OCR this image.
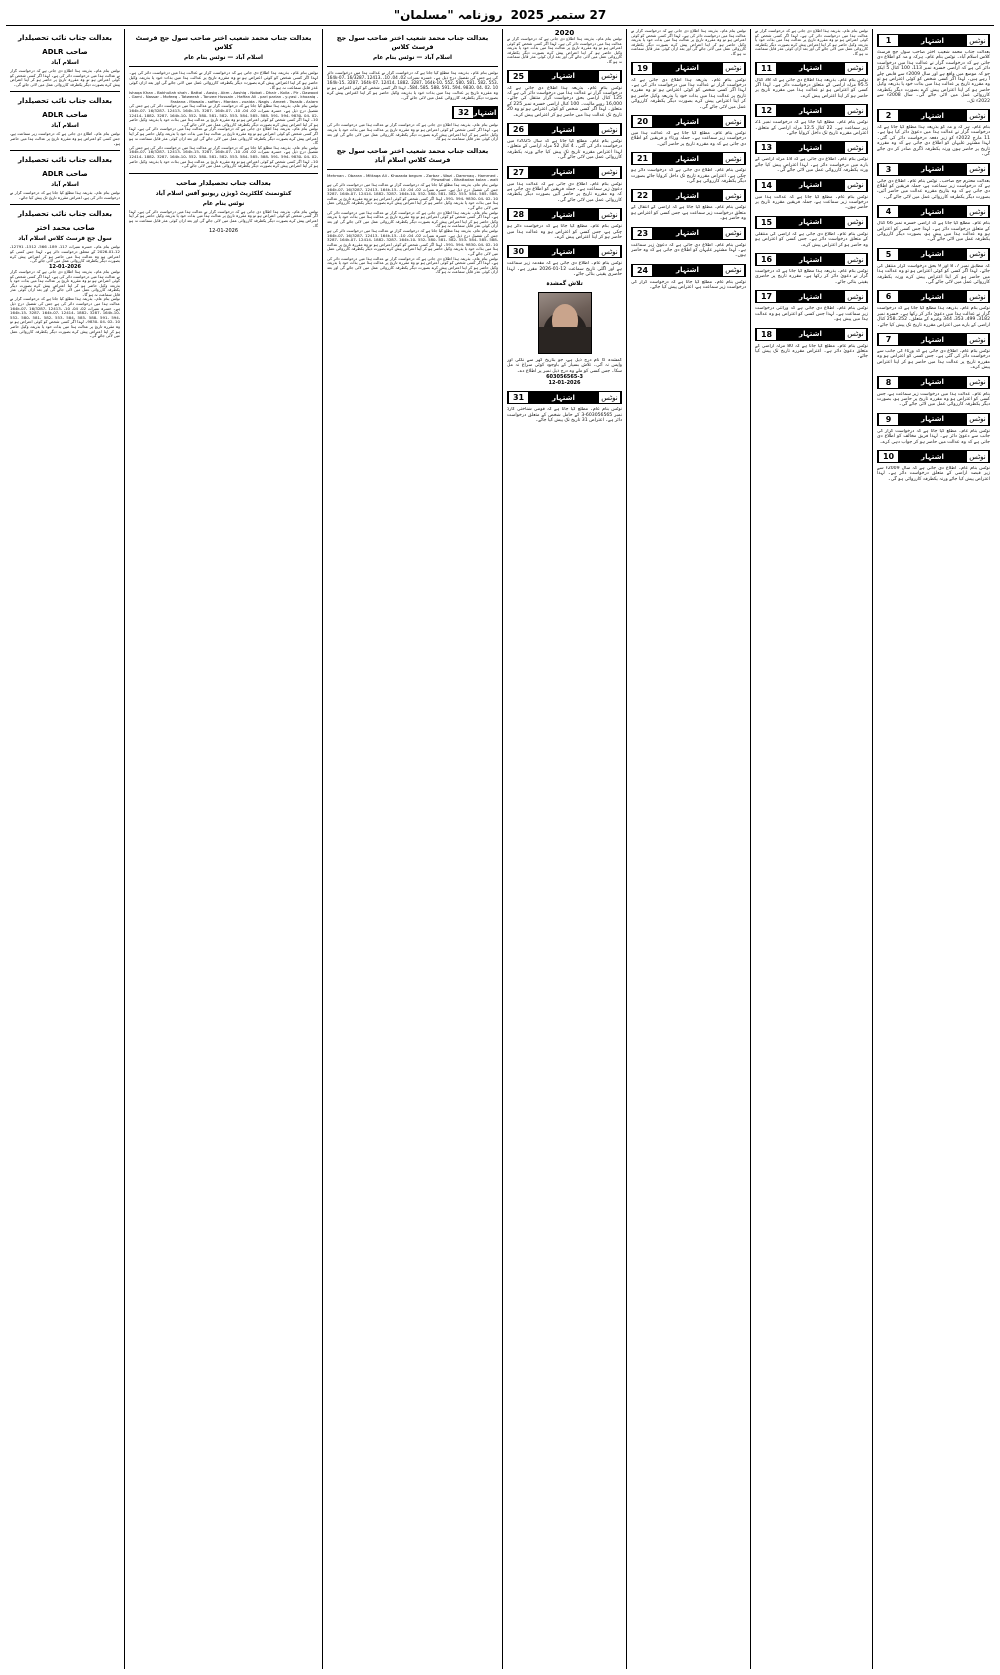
27 ستمبر 2025
روزنامہ "مسلمان"
نوٹس
اشتہار
1
بعدالت جناب محمد شعیب اختر صاحب سول جج فرسٹ کلاس اسلام آباد۔ نوٹس بنام عام۔ ہرکہ و مہ کو اطلاع دی جاتی ہے کہ درخواست گزار نے عدالت ہذا میں درخواست دائر کی ہے کہ اراضی خسرہ نمبر 113، 100 کنال 5 ایکڑ جو کہ موضع میں واقع ہے اور سال 2009ء سے قابض چلے آ رہے ہیں۔ لہذا اگر کسی شخص کو کوئی اعتراض ہو تو وہ مقررہ تاریخ پر عدالت ہذا میں بذات خود یا بذریعہ وکیل حاضر ہو کر اپنا اعتراض پیش کرے بصورت دیگر یکطرفہ کارروائی عمل میں لائی جائے گی۔ سال 2008ء سے 2022ء تک۔
نوٹس
اشتہار
2
بنام عام۔ ہر کہ و مہ کو بذریعہ ہذا مطلع کیا جاتا ہے کہ درخواست گزار نے عدالت ہذا میں دعویٰ دائر کیا ہوا ہے۔ 11 مارچ 2022ء کو زیر دفعہ درخواست دائر کی گئی۔ لہذا مشتہر علیہان کو اطلاع دی جاتی ہے کہ وہ مقررہ تاریخ پر حاضر ہوں ورنہ یکطرفہ ڈگری صادر کر دی جائے گی۔
نوٹس
اشتہار
3
بعدالت محترم جج صاحب۔ نوٹس بنام عام۔ اطلاع دی جاتی ہے کہ درخواست زیر سماعت ہے، جملہ فریقین کو اطلاع دی جاتی ہے کہ وہ بتاریخ مقررہ عدالت میں حاضر آئیں، بصورت دیگر یکطرفہ کارروائی عمل میں لائی جائے گی۔
نوٹس
اشتہار
4
بنام عام۔ مطلع کیا جاتا ہے کہ اراضی خسرہ نمبر 66 کنال کے متعلق درخواست دائر ہے۔ لہذا جس کسی کو اعتراض ہو وہ عدالت ہذا میں پیش ہو، بصورت دیگر کارروائی یکطرفہ عمل میں لائی جائے گی۔
نوٹس
اشتہار
5
کہ مطابق نمبر 7، 8 اور 9 بحق درخواست گزار منتقل کی جائے۔ لہذا اگر کسی کو کوئی اعتراض ہو تو وہ عدالت ہذا میں حاضر ہو کر اپنا اعتراض پیش کرے ورنہ یکطرفہ کارروائی عمل میں لائی جائے گی۔
نوٹس
اشتہار
6
نوٹس بنام عام۔ بذریعہ ہذا مطلع کیا جاتا ہے کہ درخواست گزار نے عدالت ہذا میں دعویٰ دائر کر رکھا ہے۔ خسرہ نمبر 3182، 499، 353، 344 وغیرہ کے متعلق۔ 252۔258 کنال اراضی کے بارے میں اعتراض مقررہ تاریخ تک پیش کیا جائے۔
نوٹس
اشتہار
7
نوٹس بنام عام۔ اطلاع دی جاتی ہے کہ ورثاء کی جانب سے درخواست دائر کی گئی ہے۔ جس کسی کو اعتراض ہو وہ مقررہ تاریخ پر عدالت ہذا میں حاضر ہو کر اپنا اعتراض پیش کرے۔
نوٹس
اشتہار
8
بنام عام۔ عدالت ہذا میں درخواست زیر سماعت ہے، جس کسی کو اعتراض ہو وہ مقررہ تاریخ پر حاضر ہو، بصورت دیگر یکطرفہ کارروائی عمل میں لائی جائے گی۔
نوٹس
اشتہار
9
نوٹس بنام عام۔ مطلع کیا جاتا ہے کہ درخواست گزار کی جانب سے دعویٰ دائر ہے۔ لہذا فریق مخالف کو اطلاع دی جاتی ہے کہ وہ عدالت میں حاضر ہو کر جواب دہی کرے۔
نوٹس
اشتہار
10
نوٹس بنام عام۔ اطلاع دی جاتی ہے کہ سال 2009ء سے زیر قبضہ اراضی کے متعلق درخواست دائر ہے۔ لہذا اعتراض پیش کیا جائے ورنہ یکطرفہ کارروائی ہو گی۔
نوٹس بنام عام۔ بذریعہ ہذا اطلاع دی جاتی ہے کہ درخواست گزار نے عدالت ہذا میں درخواست دائر کی ہے۔ لہذا اگر کسی شخص کو کوئی اعتراض ہو تو وہ مقررہ تاریخ پر عدالت ہذا میں بذات خود یا بذریعہ وکیل حاضر ہو کر اپنا اعتراض پیش کرے بصورت دیگر یکطرفہ کارروائی عمل میں لائی جائے گی اور بعد ازاں کوئی عذر قابل سماعت نہ ہو گا۔
نوٹس
اشتہار
11
نوٹس بنام عام۔ بذریعہ ہذا اطلاع دی جاتی ہے کہ 38 کنال 95.5 مرلہ اراضی کے متعلق درخواست دائر ہے۔ لہذا اگر کسی کو اعتراض ہو تو عدالت ہذا میں مقررہ تاریخ پر حاضر ہو کر اپنا اعتراض پیش کرے۔
نوٹس
اشتہار
12
نوٹس بنام عام۔ مطلع کیا جاتا ہے کہ درخواست نمبر 21 زیر سماعت ہے۔ 22 کنال 12.5 مرلہ اراضی کے متعلق۔ اعتراض مقررہ تاریخ تک داخل کروایا جائے۔
نوٹس
اشتہار
13
نوٹس بنام عام۔ اطلاع دی جاتی ہے کہ 18 مرلہ اراضی کے بارے میں درخواست دائر ہے۔ لہذا اعتراض پیش کیا جائے ورنہ یکطرفہ کارروائی عمل میں لائی جائے گی۔
نوٹس
اشتہار
14
نوٹس بنام عام۔ مطلع کیا جاتا ہے کہ عدالت ہذا میں درخواست زیر سماعت ہے، جملہ فریقین مقررہ تاریخ پر حاضر ہوں۔
نوٹس
اشتہار
15
نوٹس بنام عام۔ اطلاع دی جاتی ہے کہ اراضی کی منتقلی کے متعلق درخواست دائر ہے۔ جس کسی کو اعتراض ہو وہ حاضر ہو کر اعتراض پیش کرے۔
نوٹس
اشتہار
16
نوٹس بنام عام۔ بذریعہ ہذا مطلع کیا جاتا ہے کہ درخواست گزار نے دعویٰ دائر کر رکھا ہے۔ مقررہ تاریخ پر حاضری یقینی بنائی جائے۔
نوٹس
اشتہار
17
نوٹس بنام عام۔ اطلاع دی جاتی ہے کہ وراثتی درخواست زیر سماعت ہے۔ لہذا جس کسی کو اعتراض ہو وہ عدالت ہذا میں پیش ہو۔
نوٹس
اشتہار
18
نوٹس بنام عام۔ مطلع کیا جاتا ہے کہ 80 مرلہ اراضی کے متعلق دعویٰ دائر ہے۔ اعتراض مقررہ تاریخ تک پیش کیا جائے۔
نوٹس بنام عام۔ بذریعہ ہذا اطلاع دی جاتی ہے کہ درخواست گزار نے عدالت ہذا میں درخواست دائر کی ہے۔ لہذا اگر کسی شخص کو کوئی اعتراض ہو تو وہ مقررہ تاریخ پر عدالت ہذا میں بذات خود یا بذریعہ وکیل حاضر ہو کر اپنا اعتراض پیش کرے بصورت دیگر یکطرفہ کارروائی عمل میں لائی جائے گی اور بعد ازاں کوئی عذر قابل سماعت نہ ہو گا۔
نوٹس
اشتہار
19
نوٹس بنام عام۔ بذریعہ ہذا اطلاع دی جاتی ہے کہ درخواست گزار نے عدالت ہذا میں درخواست دائر کی ہے۔ لہذا اگر کسی شخص کو کوئی اعتراض ہو تو وہ مقررہ تاریخ پر عدالت ہذا میں بذات خود یا بذریعہ وکیل حاضر ہو کر اپنا اعتراض پیش کرے بصورت دیگر یکطرفہ کارروائی عمل میں لائی جائے گی۔
نوٹس
اشتہار
20
نوٹس بنام عام۔ مطلع کیا جاتا ہے کہ عدالت ہذا میں درخواست زیر سماعت ہے۔ جملہ ورثاء و فریقین کو اطلاع دی جاتی ہے کہ وہ مقررہ تاریخ پر حاضر آئیں۔
نوٹس
اشتہار
21
نوٹس بنام عام۔ اطلاع دی جاتی ہے کہ درخواست دائر ہو چکی ہے۔ اعتراض مقررہ تاریخ تک داخل کروایا جائے بصورت دیگر یکطرفہ کارروائی ہو گی۔
نوٹس
اشتہار
22
نوٹس بنام عام۔ مطلع کیا جاتا ہے کہ اراضی کے انتقال کے متعلق درخواست زیر سماعت ہے، جس کسی کو اعتراض ہو وہ حاضر ہو۔
نوٹس
اشتہار
23
نوٹس بنام عام۔ اطلاع دی جاتی ہے کہ دعویٰ زیر سماعت ہے۔ لہذا مشتہر علیہان کو اطلاع دی جاتی ہے کہ وہ حاضر ہوں۔
نوٹس
اشتہار
24
نوٹس بنام عام۔ مطلع کیا جاتا ہے کہ درخواست گزار کی درخواست زیر سماعت ہے، اعتراض پیش کیا جائے۔
2020
نوٹس بنام عام۔ بذریعہ ہذا اطلاع دی جاتی ہے کہ درخواست گزار نے عدالت ہذا میں درخواست دائر کی ہے۔ لہذا اگر کسی شخص کو کوئی اعتراض ہو تو وہ مقررہ تاریخ پر عدالت ہذا میں بذات خود یا بذریعہ وکیل حاضر ہو کر اپنا اعتراض پیش کرے بصورت دیگر یکطرفہ کارروائی عمل میں لائی جائے گی اور بعد ازاں کوئی عذر قابل سماعت نہ ہو گا۔
نوٹس
اشتہار
25
نوٹس بنام عام۔ بذریعہ ہذا اطلاع دی جاتی ہے کہ درخواست گزار نے عدالت ہذا میں درخواست دائر کی ہے کہ 125 کنال اراضی بحق درخواست گزار منتقل کی جائے۔ 16,000 روپے مالیت۔ 100 کنال اراضی خسرہ نمبر 225 کے متعلق۔ لہذا اگر کسی شخص کو کوئی اعتراض ہو تو وہ 20 تاریخ تک عدالت ہذا میں حاضر ہو کر اعتراض پیش کرے۔
نوٹس
اشتہار
26
نوٹس بنام عام۔ مطلع کیا جاتا ہے کہ سال 2025ء میں درخواست دائر کی گئی۔ 4 کنال 52 مرلہ اراضی کے متعلق۔ لہذا اعتراض مقررہ تاریخ تک پیش کیا جائے ورنہ یکطرفہ کارروائی عمل میں لائی جائے گی۔
نوٹس
اشتہار
27
نوٹس بنام عام۔ اطلاع دی جاتی ہے کہ عدالت ہذا میں دعویٰ زیر سماعت ہے۔ جملہ فریقین کو اطلاع دی جاتی ہے کہ وہ مقررہ تاریخ پر حاضر آئیں بصورت دیگر یکطرفہ کارروائی عمل میں لائی جائے گی۔
نوٹس
اشتہار
28
نوٹس بنام عام۔ مطلع کیا جاتا ہے کہ درخواست دائر ہو چکی ہے، جس کسی کو اعتراض ہو وہ عدالت ہذا میں حاضر ہو کر اپنا اعتراض پیش کرے۔
نوٹس
اشتہار
30
نوٹس بنام عام۔ اطلاع دی جاتی ہے کہ مقدمہ زیر سماعت ہے اور اگلی تاریخ سماعت 12-01-2026 مقرر ہے۔ لہذا حاضری یقینی بنائی جائے۔
تلاش گمشدہ
گمشدہ کا نام درج ذیل ہے، جو بتاریخ گھر سے نکلی اور واپس نہ آئی۔ تلاش بسیار کے باوجود کوئی سراغ نہ مل سکا۔ جس کسی کو ملے وہ درج ذیل نمبر پر اطلاع دے۔
603056565-3
12-01-2026
نوٹس
اشتہار
31
نوٹس بنام عام۔ مطلع کیا جاتا ہے کہ قومی شناختی کارڈ نمبر 603056565-3 کے حامل شخص کے متعلق درخواست دائر ہے۔ اعتراض 31 تاریخ تک پیش کیا جائے۔
بعدالت جناب محمد شعیب اختر صاحب سول جج فرسٹ کلاس
اسلام آباد — نوٹس بنام عام
نوٹس بنام عام۔ بذریعہ ہذا مطلع کیا جاتا ہے کہ درخواست گزار نے عدالت ہذا میں درخواست دائر کی ہے جس کی تفصیل درج ذیل ہے۔ خسرہ نمبرات 02، 04، 10، 164k-07، 16/3287، 12413، 164k-15، 3287، 164k-07، 12414، 1882، 3287، 164k-10، 552، 580، 581، 582، 553، 584، 585، 588، 591، 594، 9830، 04، 02، 10۔ لہذا اگر کسی شخص کو کوئی اعتراض ہو تو وہ مقررہ تاریخ پر عدالت ہذا میں بذات خود یا بذریعہ وکیل حاضر ہو کر اپنا اعتراض پیش کرے بصورت دیگر یکطرفہ کارروائی عمل میں لائی جائے گی۔
اشتہار
32
نوٹس بنام عام۔ بذریعہ ہذا اطلاع دی جاتی ہے کہ درخواست گزار نے عدالت ہذا میں درخواست دائر کی ہے۔ لہذا اگر کسی شخص کو کوئی اعتراض ہو تو وہ مقررہ تاریخ پر عدالت ہذا میں بذات خود یا بذریعہ وکیل حاضر ہو کر اپنا اعتراض پیش کرے بصورت دیگر یکطرفہ کارروائی عمل میں لائی جائے گی اور بعد ازاں کوئی عذر قابل سماعت نہ ہو گا۔
بعدالت جناب محمد شعیب اختر صاحب سول جج فرسٹ کلاس اسلام آباد
Mehman ، Obaran ، Mittaqa Ali ، Khazada begum ، Zarbar ، Wazi ، Dammaq ، Hammed ، Pirwadhai ، Bhattadan kalan ، wait
نوٹس بنام عام۔ بذریعہ ہذا مطلع کیا جاتا ہے کہ درخواست گزار نے عدالت ہذا میں درخواست دائر کی ہے جس کی تفصیل درج ذیل ہے۔ خسرہ نمبرات 02، 04، 10، 164k-07، 16/3287، 12413، 164k-15، 3287، 164k-07، 12414، 1882، 3287، 164k-10، 552، 580، 581، 582، 553، 584، 585، 588، 591، 594، 9830، 04، 02، 10۔ لہذا اگر کسی شخص کو کوئی اعتراض ہو تو وہ مقررہ تاریخ پر عدالت ہذا میں بذات خود یا بذریعہ وکیل حاضر ہو کر اپنا اعتراض پیش کرے بصورت دیگر یکطرفہ کارروائی عمل میں لائی جائے گی۔
نوٹس بنام عام۔ بذریعہ ہذا اطلاع دی جاتی ہے کہ درخواست گزار نے عدالت ہذا میں درخواست دائر کی ہے۔ لہذا اگر کسی شخص کو کوئی اعتراض ہو تو وہ مقررہ تاریخ پر عدالت ہذا میں بذات خود یا بذریعہ وکیل حاضر ہو کر اپنا اعتراض پیش کرے بصورت دیگر یکطرفہ کارروائی عمل میں لائی جائے گی اور بعد ازاں کوئی عذر قابل سماعت نہ ہو گا۔
نوٹس بنام عام۔ بذریعہ ہذا مطلع کیا جاتا ہے کہ درخواست گزار نے عدالت ہذا میں درخواست دائر کی ہے جس کی تفصیل درج ذیل ہے۔ خسرہ نمبرات 02، 04، 10، 164k-07، 16/3287، 12413، 164k-15، 3287، 164k-07، 12414، 1882، 3287، 164k-10، 552، 580، 581، 582، 553، 584، 585، 588، 591، 594، 9830، 04، 02، 10۔ لہذا اگر کسی شخص کو کوئی اعتراض ہو تو وہ مقررہ تاریخ پر عدالت ہذا میں بذات خود یا بذریعہ وکیل حاضر ہو کر اپنا اعتراض پیش کرے بصورت دیگر یکطرفہ کارروائی عمل میں لائی جائے گی۔
نوٹس بنام عام۔ بذریعہ ہذا اطلاع دی جاتی ہے کہ درخواست گزار نے عدالت ہذا میں درخواست دائر کی ہے۔ لہذا اگر کسی شخص کو کوئی اعتراض ہو تو وہ مقررہ تاریخ پر عدالت ہذا میں بذات خود یا بذریعہ وکیل حاضر ہو کر اپنا اعتراض پیش کرے بصورت دیگر یکطرفہ کارروائی عمل میں لائی جائے گی اور بعد ازاں کوئی عذر قابل سماعت نہ ہو گا۔
بعدالت جناب محمد شعیب اختر صاحب سول جج فرسٹ کلاس
اسلام آباد — نوٹس بنام عام
نوٹس بنام عام۔ بذریعہ ہذا اطلاع دی جاتی ہے کہ درخواست گزار نے عدالت ہذا میں درخواست دائر کی ہے۔ لہذا اگر کسی شخص کو کوئی اعتراض ہو تو وہ مقررہ تاریخ پر عدالت ہذا میں بذات خود یا بذریعہ وکیل حاضر ہو کر اپنا اعتراض پیش کرے بصورت دیگر یکطرفہ کارروائی عمل میں لائی جائے گی اور بعد ازاں کوئی عذر قابل سماعت نہ ہو گا۔
Ishaqa Khan ، Bakhullah shah ، Battal ، Aasiq ، Akm ، Aashiq ، Nobat ، Dhair ، Koila ، Pir ، Dawood ، Gami ، Nassar ، Mofeeq ، Tatweesh ، Tanvee Hussain ، Haffan Ali ، pari parian ، y-yasi ، khozaiq ، Fastana ، Mawala ، saffan ، Mantan ، zuaida ، Nagis ، Ameet ، Twasib ، Aslam
نوٹس بنام عام۔ بذریعہ ہذا مطلع کیا جاتا ہے کہ درخواست گزار نے عدالت ہذا میں درخواست دائر کی ہے جس کی تفصیل درج ذیل ہے۔ خسرہ نمبرات 02، 04، 10، 164k-07، 16/3287، 12413، 164k-15، 3287، 164k-07، 12414، 1882، 3287، 164k-10، 552، 580، 581، 582، 553، 584، 585، 588، 591، 594، 9830، 04، 02، 10۔ لہذا اگر کسی شخص کو کوئی اعتراض ہو تو وہ مقررہ تاریخ پر عدالت ہذا میں بذات خود یا بذریعہ وکیل حاضر ہو کر اپنا اعتراض پیش کرے بصورت دیگر یکطرفہ کارروائی عمل میں لائی جائے گی۔
نوٹس بنام عام۔ بذریعہ ہذا اطلاع دی جاتی ہے کہ درخواست گزار نے عدالت ہذا میں درخواست دائر کی ہے۔ لہذا اگر کسی شخص کو کوئی اعتراض ہو تو وہ مقررہ تاریخ پر عدالت ہذا میں بذات خود یا بذریعہ وکیل حاضر ہو کر اپنا اعتراض پیش کرے بصورت دیگر یکطرفہ کارروائی عمل میں لائی جائے گی اور بعد ازاں کوئی عذر قابل سماعت نہ ہو گا۔
نوٹس بنام عام۔ بذریعہ ہذا مطلع کیا جاتا ہے کہ درخواست گزار نے عدالت ہذا میں درخواست دائر کی ہے جس کی تفصیل درج ذیل ہے۔ خسرہ نمبرات 02، 04، 10، 164k-07، 16/3287، 12413، 164k-15، 3287، 164k-07، 12414، 1882، 3287، 164k-10، 552، 580، 581، 582، 553، 584، 585، 588، 591، 594، 9830، 04، 02، 10۔ لہذا اگر کسی شخص کو کوئی اعتراض ہو تو وہ مقررہ تاریخ پر عدالت ہذا میں بذات خود یا بذریعہ وکیل حاضر ہو کر اپنا اعتراض پیش کرے بصورت دیگر یکطرفہ کارروائی عمل میں لائی جائے گی۔
بعدالت جناب تحصیلدار صاحب
کنٹونمنٹ کلکٹریٹ ڈویژن ریونیو آفس اسلام آباد
نوٹس بنام عام
نوٹس بنام عام۔ بذریعہ ہذا اطلاع دی جاتی ہے کہ درخواست گزار نے عدالت ہذا میں درخواست دائر کی ہے۔ لہذا اگر کسی شخص کو کوئی اعتراض ہو تو وہ مقررہ تاریخ پر عدالت ہذا میں بذات خود یا بذریعہ وکیل حاضر ہو کر اپنا اعتراض پیش کرے بصورت دیگر یکطرفہ کارروائی عمل میں لائی جائے گی اور بعد ازاں کوئی عذر قابل سماعت نہ ہو گا۔
12-01-2026
بعدالت جناب نائب تحصیلدار
صاحب ADLR
اسلام آباد
نوٹس بنام عام۔ بذریعہ ہذا اطلاع دی جاتی ہے کہ درخواست گزار نے عدالت ہذا میں درخواست دائر کی ہے۔ لہذا اگر کسی شخص کو کوئی اعتراض ہو تو وہ مقررہ تاریخ پر حاضر ہو کر اپنا اعتراض پیش کرے بصورت دیگر یکطرفہ کارروائی عمل میں لائی جائے گی۔
بعدالت جناب نائب تحصیلدار
صاحب ADLR
اسلام آباد
نوٹس بنام عام۔ اطلاع دی جاتی ہے کہ درخواست زیر سماعت ہے، جس کسی کو اعتراض ہو وہ مقررہ تاریخ پر عدالت ہذا میں حاضر ہو۔
بعدالت جناب نائب تحصیلدار
صاحب ADLR
اسلام آباد
نوٹس بنام عام۔ بذریعہ ہذا مطلع کیا جاتا ہے کہ درخواست گزار نے درخواست دائر کی ہے، اعتراض مقررہ تاریخ تک پیش کیا جائے۔
بعدالت جناب نائب تحصیلدار
صاحب محمد اختر
سول جج فرسٹ کلاس اسلام آباد
نوٹس بنام عام۔ خسرہ نمبرات 117، 189، 566، 1512، 12791، 12-01-2026 کے متعلق درخواست دائر ہے۔ لہذا جس کسی کو اعتراض ہو وہ عدالت ہذا میں حاضر ہو کر اعتراض پیش کرے بصورت دیگر یکطرفہ کارروائی عمل میں لائی جائے گی۔
12-01-2026
نوٹس بنام عام۔ بذریعہ ہذا اطلاع دی جاتی ہے کہ درخواست گزار نے عدالت ہذا میں درخواست دائر کی ہے۔ لہذا اگر کسی شخص کو کوئی اعتراض ہو تو وہ مقررہ تاریخ پر عدالت ہذا میں بذات خود یا بذریعہ وکیل حاضر ہو کر اپنا اعتراض پیش کرے بصورت دیگر یکطرفہ کارروائی عمل میں لائی جائے گی اور بعد ازاں کوئی عذر قابل سماعت نہ ہو گا۔
نوٹس بنام عام۔ بذریعہ ہذا مطلع کیا جاتا ہے کہ درخواست گزار نے عدالت ہذا میں درخواست دائر کی ہے جس کی تفصیل درج ذیل ہے۔ خسرہ نمبرات 02، 04، 10، 164k-07، 16/3287، 12413، 164k-15، 3287، 164k-07، 12414، 1882، 3287، 164k-10، 552، 580، 581، 582، 553، 584، 585، 588، 591، 594، 9830، 04، 02، 10۔ لہذا اگر کسی شخص کو کوئی اعتراض ہو تو وہ مقررہ تاریخ پر عدالت ہذا میں بذات خود یا بذریعہ وکیل حاضر ہو کر اپنا اعتراض پیش کرے بصورت دیگر یکطرفہ کارروائی عمل میں لائی جائے گی۔
